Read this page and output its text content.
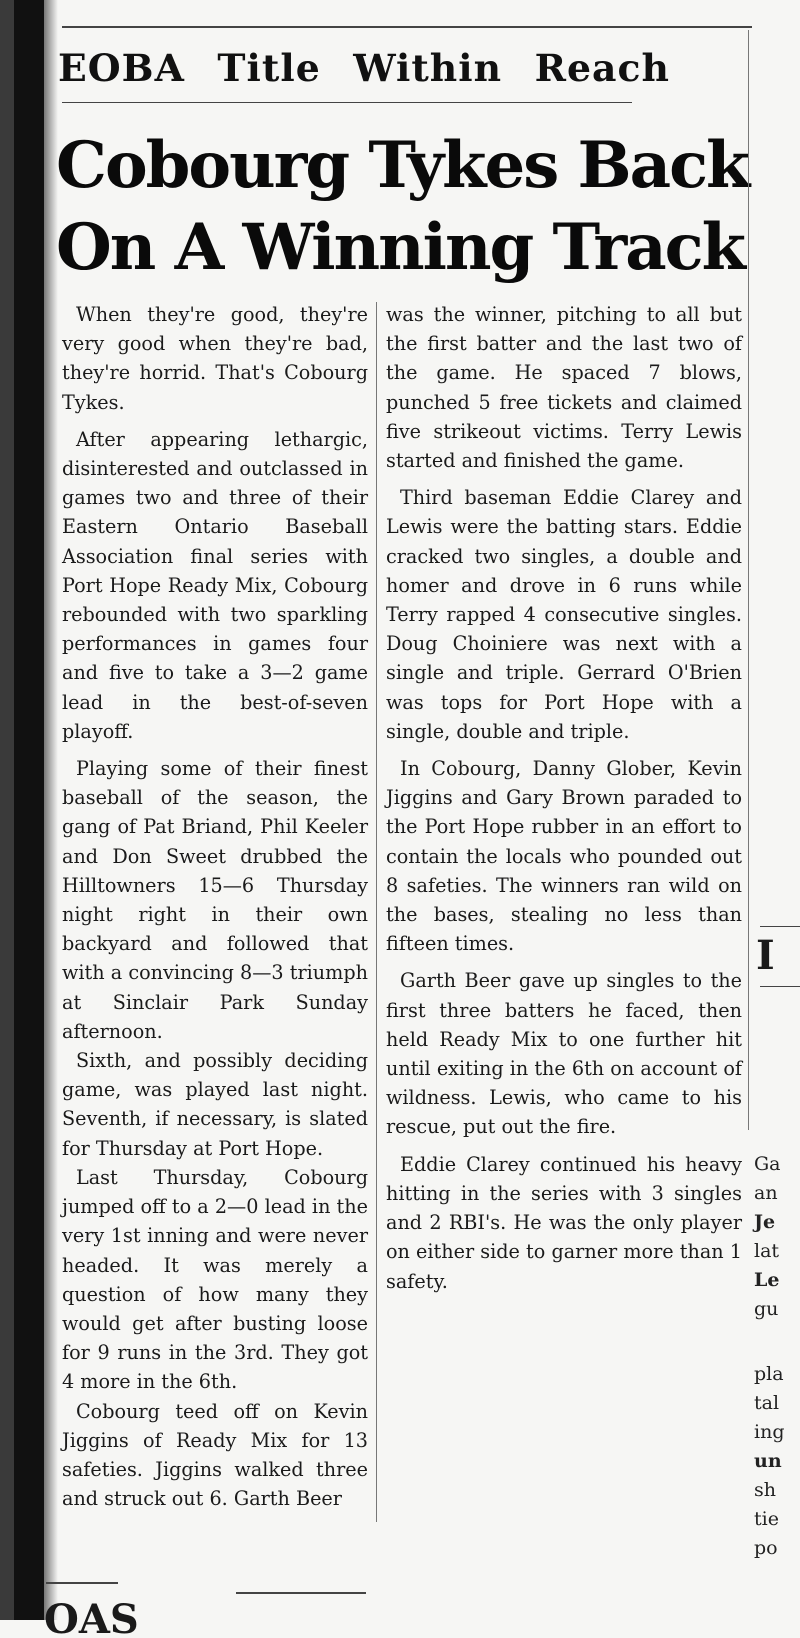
EOBA Title Within Reach
Cobourg Tykes Back
On A Winning Track

When they're good, they're very good when they're bad, they're horrid. That's Cobourg Tykes.

After appearing lethargic, disinterested and outclassed in games two and three of their Eastern Ontario Baseball Association final series with Port Hope Ready Mix, Cobourg rebounded with two sparkling performances in games four and five to take a 3—2 game lead in the best-of-seven playoff.

Playing some of their finest baseball of the season, the gang of Pat Briand, Phil Keeler and Don Sweet drubbed the Hilltowners 15—6 Thursday night right in their own backyard and followed that with a convincing 8—3 triumph at Sinclair Park Sunday afternoon.

Sixth, and possibly deciding game, was played last night. Seventh, if necessary, is slated for Thursday at Port Hope.

Last Thursday, Cobourg jumped off to a 2—0 lead in the very 1st inning and were never headed. It was merely a question of how many they would get after busting loose for 9 runs in the 3rd. They got 4 more in the 6th.

Cobourg teed off on Kevin Jiggins of Ready Mix for 13 safeties. Jiggins walked three and struck out 6. Garth Beer

was the winner, pitching to all but the first batter and the last two of the game. He spaced 7 blows, punched 5 free tickets and claimed five strikeout victims. Terry Lewis started and finished the game.

Third baseman Eddie Clarey and Lewis were the batting stars. Eddie cracked two singles, a double and homer and drove in 6 runs while Terry rapped 4 consecutive singles. Doug Choiniere was next with a single and triple. Gerrard O'Brien was tops for Port Hope with a single, double and triple.

In Cobourg, Danny Glober, Kevin Jiggins and Gary Brown paraded to the Port Hope rubber in an effort to contain the locals who pounded out 8 safeties. The winners ran wild on the bases, stealing no less than fifteen times.

Garth Beer gave up singles to the first three batters he faced, then held Ready Mix to one further hit until exiting in the 6th on account of wildness. Lewis, who came to his rescue, put out the fire.

Eddie Clarey continued his heavy hitting in the series with 3 singles and 2 RBI's. He was the only player on either side to garner more than 1 safety.

I
Ga
an
Je
lat
Le
gu
pla
tal
ing
un
sh
tie
po
OAS
